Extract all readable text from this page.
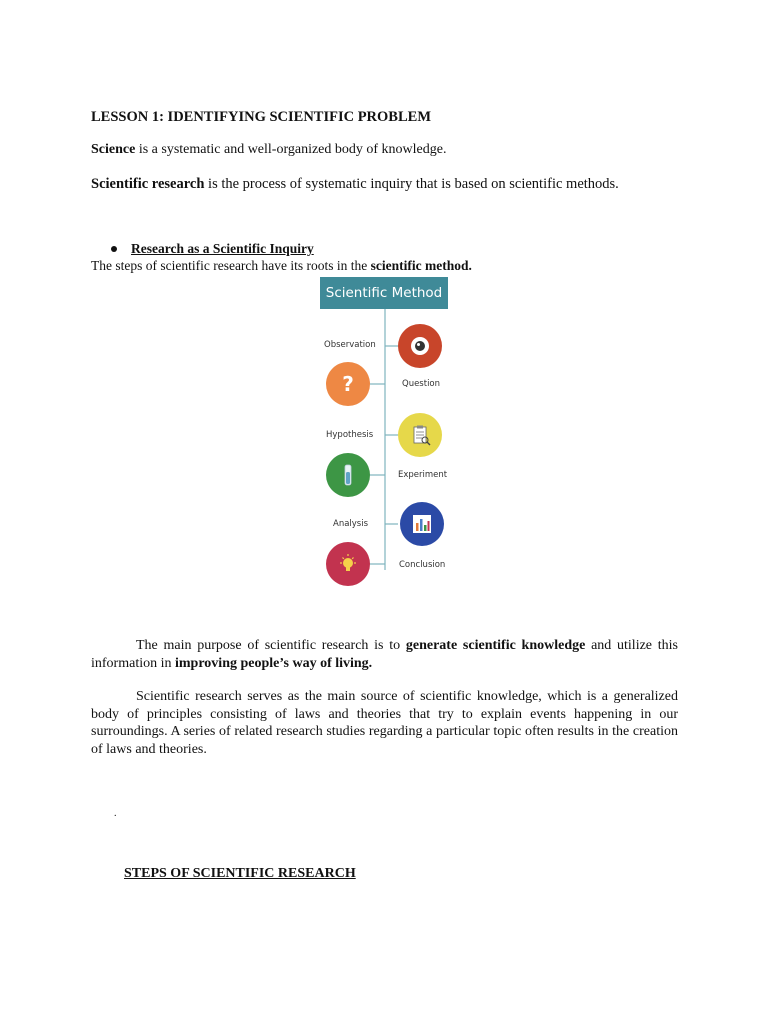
LESSON 1: IDENTIFYING SCIENTIFIC PROBLEM
Science is a systematic and well-organized body of knowledge.
Scientific research is the process of systematic inquiry that is based on scientific methods.
Research as a Scientific Inquiry
The steps of scientific research have its roots in the scientific method.
Scientific Method
Observation
?	Question
Hypothesis
Experiment
Analysis
Conclusion
The main purpose of scientific research is to generate scientific knowledge and utilize this information in improving people’s way of living.
Scientific research serves as the main source of scientific knowledge, which is a generalized body of principles consisting of laws and theories that try to explain events happening in our surroundings. A series of related research studies regarding a particular topic often results in the creation of laws and theories.
.
STEPS OF SCIENTIFIC RESEARCH
